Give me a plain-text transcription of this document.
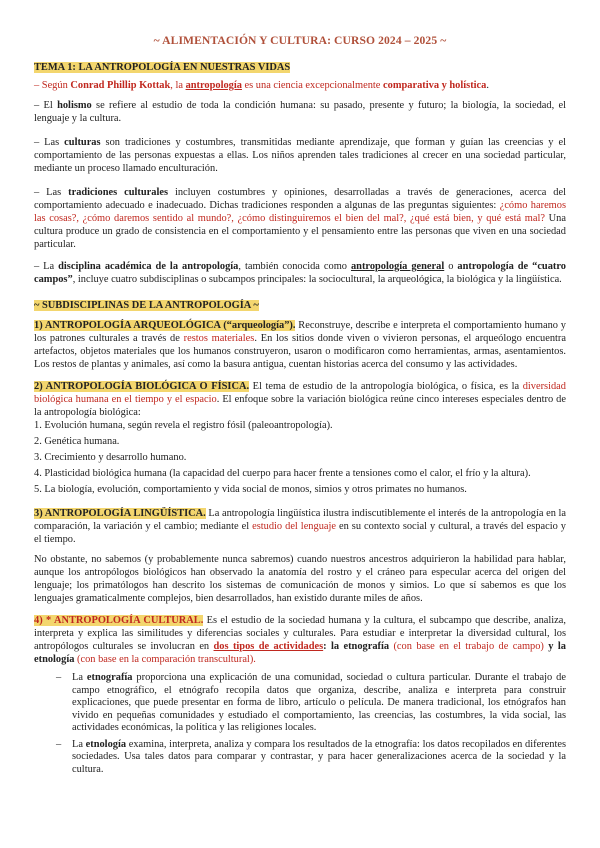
~ ALIMENTACIÓN Y CULTURA: CURSO 2024 – 2025 ~
TEMA 1: LA ANTROPOLOGÍA EN NUESTRAS VIDAS

– Según Conrad Phillip Kottak, la antropología es una ciencia excepcionalmente comparativa y holística.

– El holismo se refiere al estudio de toda la condición humana: su pasado, presente y futuro; la biología, la sociedad, el lenguaje y la cultura.

– Las culturas son tradiciones y costumbres, transmitidas mediante aprendizaje, que forman y guían las creencias y el comportamiento de las personas expuestas a ellas. Los niños aprenden tales tradiciones al crecer en una sociedad particular, mediante un proceso llamado enculturación.

– Las tradiciones culturales incluyen costumbres y opiniones, desarrolladas a través de generaciones, acerca del comportamiento adecuado e inadecuado. Dichas tradiciones responden a algunas de las preguntas siguientes: ¿cómo haremos las cosas?, ¿cómo daremos sentido al mundo?, ¿cómo distinguiremos el bien del mal?, ¿qué está bien, y qué está mal? Una cultura produce un grado de consistencia en el comportamiento y el pensamiento entre las personas que viven en una sociedad particular.

– La disciplina académica de la antropología, también conocida como antropología general o antropología de “cuatro campos”, incluye cuatro subdisciplinas o subcampos principales: la sociocultural, la arqueológica, la biológica y la lingüística.

~ SUBDISCIPLINAS DE LA ANTROPOLOGÍA ~

1) ANTROPOLOGÍA ARQUEOLÓGICA (“arqueología”). Reconstruye, describe e interpreta el comportamiento humano y los patrones culturales a través de restos materiales. En los sitios donde viven o vivieron personas, el arqueólogo encuentra artefactos, objetos materiales que los humanos construyeron, usaron o modificaron como herramientas, armas, asentamientos. Los restos de plantas y animales, así como la basura antigua, cuentan historias acerca del consumo y las actividades.

2) ANTROPOLOGÍA BIOLÓGICA O FÍSICA. El tema de estudio de la antropología biológica, o física, es la diversidad biológica humana en el tiempo y el espacio. El enfoque sobre la variación biológica reúne cinco intereses especiales dentro de la antropología biológica:

1. Evolución humana, según revela el registro fósil (paleoantropología).
2. Genética humana.
3. Crecimiento y desarrollo humano.
4. Plasticidad biológica humana (la capacidad del cuerpo para hacer frente a tensiones como el calor, el frío y la altura).
5. La biología, evolución, comportamiento y vida social de monos, simios y otros primates no humanos.

3) ANTROPOLOGÍA LINGÜÍSTICA. La antropología lingüística ilustra indiscutiblemente el interés de la antropología en la comparación, la variación y el cambio; mediante el estudio del lenguaje en su contexto social y cultural, a través del espacio y el tiempo.

No obstante, no sabemos (y probablemente nunca sabremos) cuando nuestros ancestros adquirieron la habilidad para hablar, aunque los antropólogos biológicos han observado la anatomía del rostro y el cráneo para especular acerca del origen del lenguaje; los primatólogos han descrito los sistemas de comunicación de monos y simios. Lo que sí sabemos es que los lenguajes gramaticalmente complejos, bien desarrollados, han existido durante miles de años.

4) * ANTROPOLOGÍA CULTURAL. Es el estudio de la sociedad humana y la cultura, el subcampo que describe, analiza, interpreta y explica las similitudes y diferencias sociales y culturales. Para estudiar e interpretar la diversidad cultural, los antropólogos culturales se involucran en dos tipos de actividades: la etnografía (con base en el trabajo de campo) y la etnología (con base en la comparación transcultural).

– La etnografía proporciona una explicación de una comunidad, sociedad o cultura particular. Durante el trabajo de campo etnográfico, el etnógrafo recopila datos que organiza, describe, analiza e interpreta para construir explicaciones, que puede presentar en forma de libro, artículo o película. De manera tradicional, los etnógrafos han vivido en pequeñas comunidades y estudiado el comportamiento, las creencias, las costumbres, la vida social, las actividades económicas, la política y las religiones locales.
– La etnología examina, interpreta, analiza y compara los resultados de la etnografía: los datos recopilados en diferentes sociedades. Usa tales datos para comparar y contrastar, y para hacer generalizaciones acerca de la sociedad y la cultura.
